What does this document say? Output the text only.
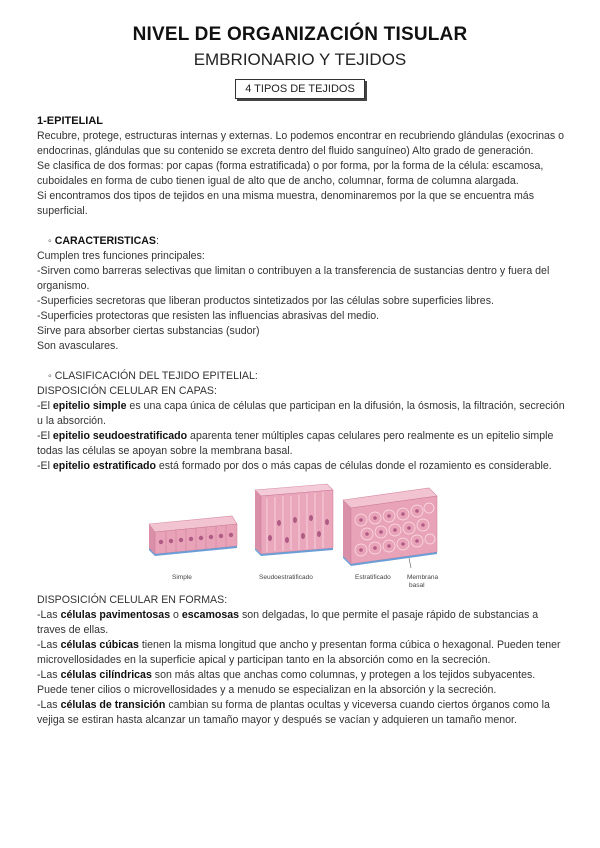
NIVEL DE ORGANIZACIÓN TISULAR
EMBRIONARIO Y TEJIDOS
4 TIPOS DE TEJIDOS

1-EPITELIAL

Recubre, protege, estructuras internas y externas. Lo podemos encontrar en recubriendo glándulas (exocrinas o endocrinas, glándulas que su contenido se excreta dentro del fluido sanguíneo) Alto grado de generación.

Se clasifica de dos formas: por capas (forma estratificada) o por forma, por la forma de la célula: escamosa, cuboidales en forma de cubo tienen igual de alto que de ancho, columnar, forma de columna alargada.

Si encontramos dos tipos de tejidos en una misma muestra, denominaremos por la que se encuentra más superficial.

◦ CARACTERISTICAS:

Cumplen tres funciones principales:

-Sirven como barreras selectivas que limitan o contribuyen a la transferencia de sustancias dentro y fuera del organismo.

-Superficies secretoras que liberan productos sintetizados por las células sobre superficies libres.

-Superficies protectoras que resisten las influencias abrasivas del medio.

Sirve para absorber ciertas substancias (sudor)

Son avasculares.

◦ CLASIFICACIÓN DEL TEJIDO EPITELIAL:

DISPOSICIÓN CELULAR EN CAPAS:

-El epitelio simple es una capa única de células que participan en la difusión, la ósmosis, la filtración, secreción u la absorción.

-El epitelio seudoestratificado aparenta tener múltiples capas celulares pero realmente es un epitelio simple todas las células se apoyan sobre la membrana basal.

-El epitelio estratificado está formado por dos o más capas de células donde el rozamiento es considerable.

Simple	Seudoestratificado	Estratificado Membrana
basal

DISPOSICIÓN CELULAR EN FORMAS:

-Las células pavimentosas o escamosas son delgadas, lo que permite el pasaje rápido de substancias a traves de ellas.

-Las células cúbicas tienen la misma longitud que ancho y presentan forma cúbica o hexagonal. Pueden tener microvellosidades en la superficie apical y participan tanto en la absorción como en la secreción.

-Las células cilíndricas son más altas que anchas como columnas, y protegen a los tejidos subyacentes. Puede tener cilios o microvellosidades y a menudo se especializan en la absorción y la secreción.

-Las células de transición cambian su forma de plantas ocultas y viceversa cuando ciertos órganos como la vejiga se estiran hasta alcanzar un tamaño mayor y después se vacían y adquieren un tamaño menor.
